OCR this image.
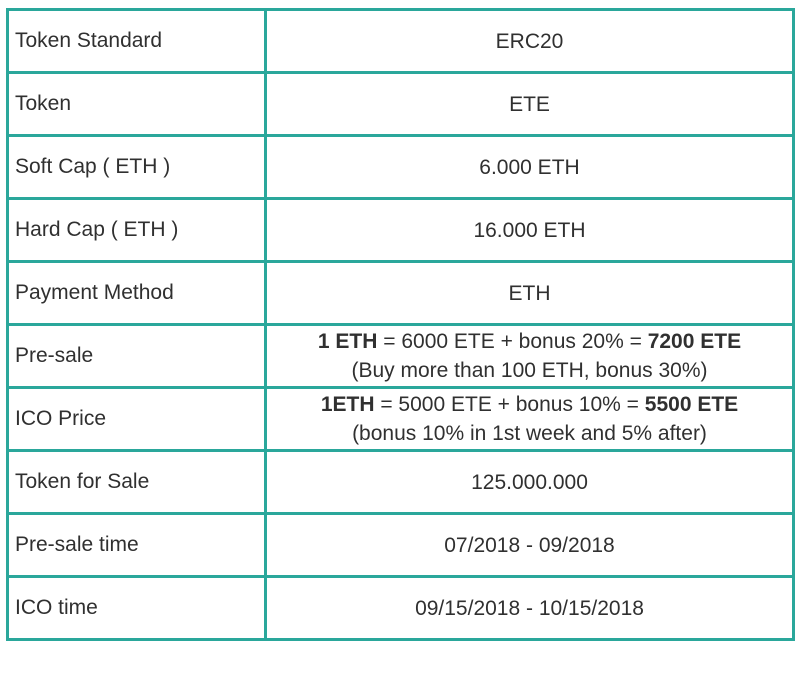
Token Standard	ERC20

Token	ETE

Soft Cap ( ETH )	6.000 ETH

Hard Cap ( ETH )	16.000 ETH

Payment Method	ETH

Pre-sale	1 ETH = 6000 ETE + bonus 20% = 7200 ETE
(Buy more than 100 ETH, bonus 30%)

ICO Price	1ETH = 5000 ETE + bonus 10% = 5500 ETE
(bonus 10% in 1st week and 5% after)

Token for Sale	125.000.000

Pre-sale time	07/2018 - 09/2018

ICO time	09/15/2018 - 10/15/2018
